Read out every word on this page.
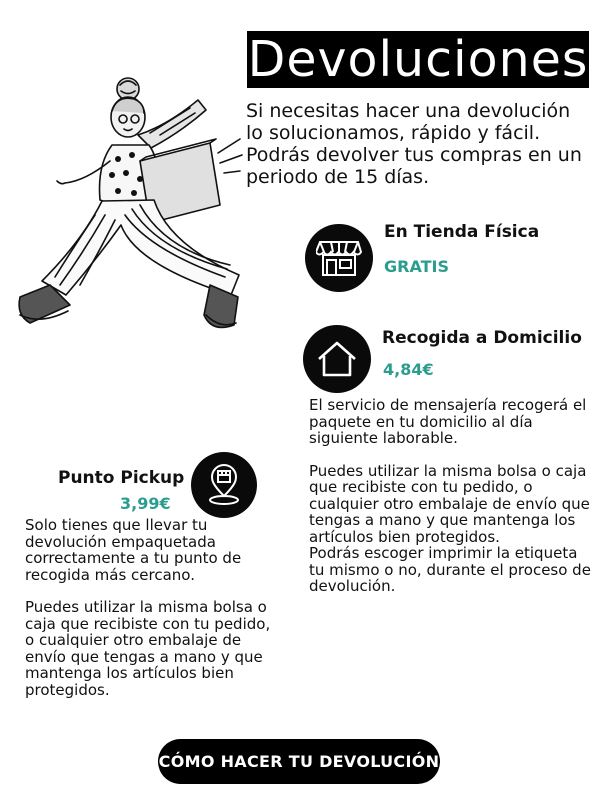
Devoluciones
Si necesitas hacer una devolución lo solucionamos, rápido y fácil. Podrás devolver tus compras en un periodo de 15 días.
En Tienda Física
GRATIS
Recogida a Domicilio
4,84€

El servicio de mensajería recogerá el paquete en tu domicilio al día siguiente laborable.

Puedes utilizar la misma bolsa o caja que recibiste con tu pedido, o cualquier otro embalaje de envío que tengas a mano y que mantenga los artículos bien protegidos.
Podrás escoger imprimir la etiqueta tu mismo o no, durante el proceso de devolución.

Punto Pickup
3,99€

Solo tienes que llevar tu devolución empaquetada correctamente a tu punto de recogida más cercano.

Puedes utilizar la misma bolsa o caja que recibiste con tu pedido, o cualquier otro embalaje de envío que tengas a mano y que mantenga los artículos bien protegidos.

CÓMO HACER TU DEVOLUCIÓN
